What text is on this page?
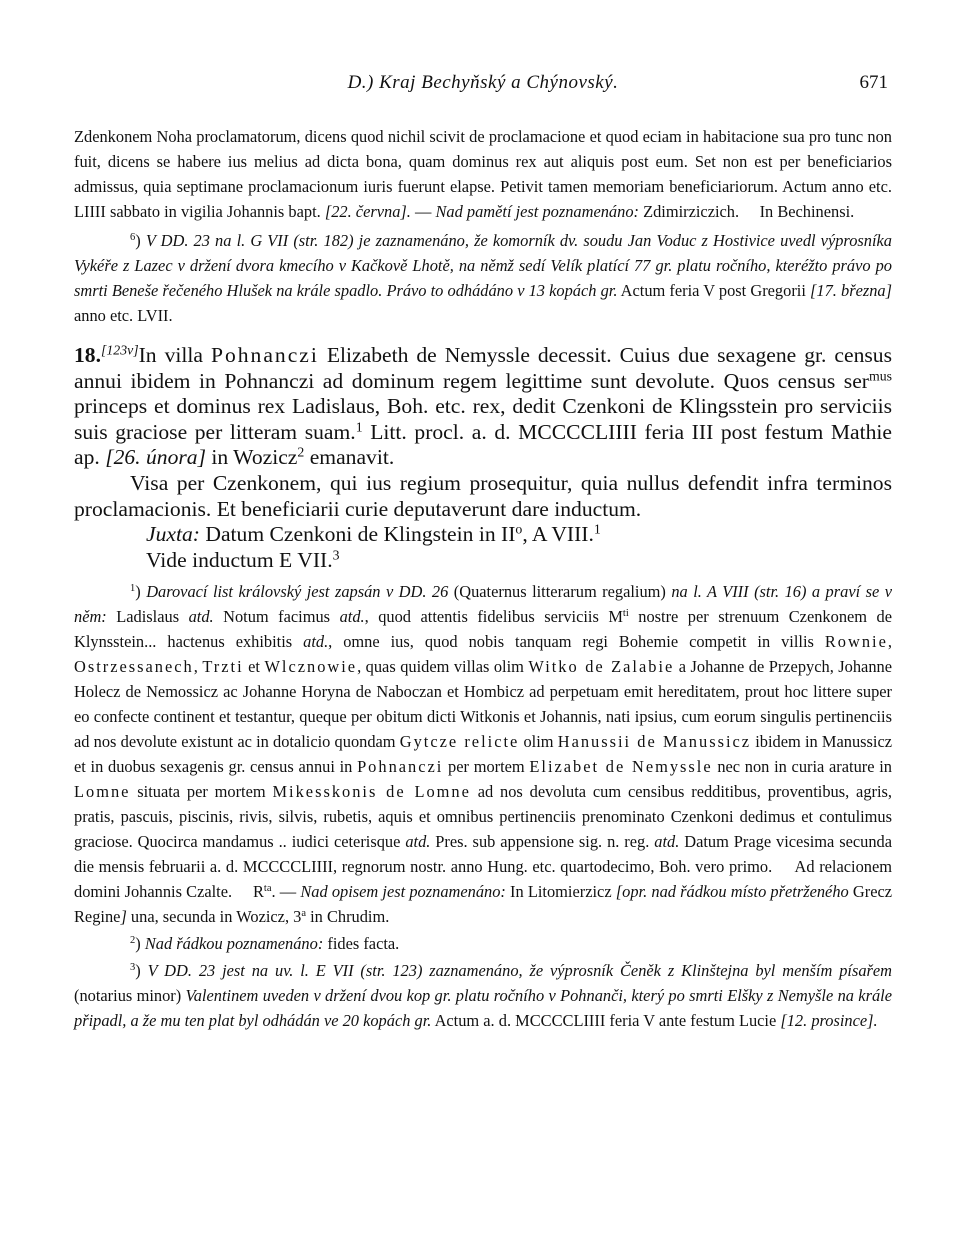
D.) Kraj Bechyňský a Chýnovský.	671

Zdenkonem Noha proclamatorum, dicens quod nichil scivit de proclamacione et quod eciam in habitacione sua pro tunc non fuit, dicens se habere ius melius ad dicta bona, quam dominus rex aut aliquis post eum. Set non est per beneficiarios admissus, quia septimane proclamacionum iuris fuerunt elapse. Petivit tamen memoriam beneficiariorum. Actum anno etc. LIIII sabbato in vigilia Johannis bapt. [22. června]. — Nad pamětí jest poznamenáno: Zdimirziczich.     In Bechinensi.

$^6$) V DD. 23 na l. G VII (str. 182) je zaznamenáno, že komorník dv. soudu Jan Voduc z Hostivice uvedl výprosníka Vykéře z Lazec v držení dvora kmecího v Kačkově Lhotě, na němž sedí Velík platící 77 gr. platu ročního, kteréžto právo po smrti Beneše řečeného Hlušek na krále spadlo. Právo to odhádáno v 13 kopách gr. Actum feria V post Gregorii [17. března] anno etc. LVII.

18.[123v]In villa Pohnanczi Elizabeth de Nemyssle decessit. Cuius due sexagene gr. census annui ibidem in Pohnanczi ad dominum regem legittime sunt devolute. Quos census ser$^{mus}$ princeps et dominus rex Ladislaus, Boh. etc. rex, dedit Czenkoni de Klingsstein pro serviciis suis graciose per litteram suam.$^1$ Litt. procl. a. d. MCCCCLIIII feria III post festum Mathie ap. [26. února] in Wozicz$^2$ emanavit.

Visa per Czenkonem, qui ius regium prosequitur, quia nullus defendit infra terminos proclamacionis. Et beneficiarii curie deputaverunt dare inductum.

Juxta: Datum Czenkoni de Klingstein in $II^o$, A VIII.$^1$

Vide inductum E VII.$^3$

$^1$) Darovací list královský jest zapsán v DD. 26 (Quaternus litterarum regalium) na l. A VIII (str. 16) a praví se v něm: Ladislaus atd. Notum facimus atd., quod attentis fidelibus serviciis $M^{ti}$ nostre per strenuum Czenkonem de Klynsstein... hactenus exhibitis atd., omne ius, quod nobis tanquam regi Bohemie competit in villis Rownie, Ostrzessanech, Trzti et Wlcznowie, quas quidem villas olim Witko de Zalabie a Johanne de Przepych, Johanne Holecz de Nemossicz ac Johanne Horyna de Naboczan et Hombicz ad perpetuam emit hereditatem, prout hoc littere super eo confecte continent et testantur, queque per obitum dicti Witkonis et Johannis, nati ipsius, cum eorum singulis pertinenciis ad nos devolute existunt ac in dotalicio quondam Gytcze relicte olim Hanussii de Manussicz ibidem in Manussicz et in duobus sexagenis gr. census annui in Pohnanczi per mortem Elizabet de Nemyssle nec non in curia arature in Lomne situata per mortem Mikesskonis de Lomne ad nos devoluta cum censibus redditibus, proventibus, agris, pratis, pascuis, piscinis, rivis, silvis, rubetis, aquis et omnibus pertinenciis prenominato Czenkoni dedimus et contulimus graciose. Quocirca mandamus .. iudici ceterisque atd. Pres. sub appensione sig. n. reg. atd. Datum Prage vicesima secunda die mensis februarii a. d. MCCCCLIIII, regnorum nostr. anno Hung. etc. quartodecimo, Boh. vero primo.     Ad relacionem domini Johannis Czalte.     $R^{ta}$. — Nad opisem jest poznamenáno: In Litomierzicz [opr. nad řádkou místo přetrženého Grecz Regine] una, secunda in Wozicz, 3$^a$ in Chrudim.

$^2$) Nad řádkou poznamenáno: fides facta.

$^3$) V DD. 23 jest na uv. l. E VII (str. 123) zaznamenáno, že výprosník Čeněk z Klinštejna byl menším písařem (notarius minor) Valentinem uveden v držení dvou kop gr. platu ročního v Pohnanči, který po smrti Elšky z Nemyšle na krále připadl, a že mu ten plat byl odhádán ve 20 kopách gr. Actum a. d. MCCCCLIIII feria V ante festum Lucie [12. prosince].
